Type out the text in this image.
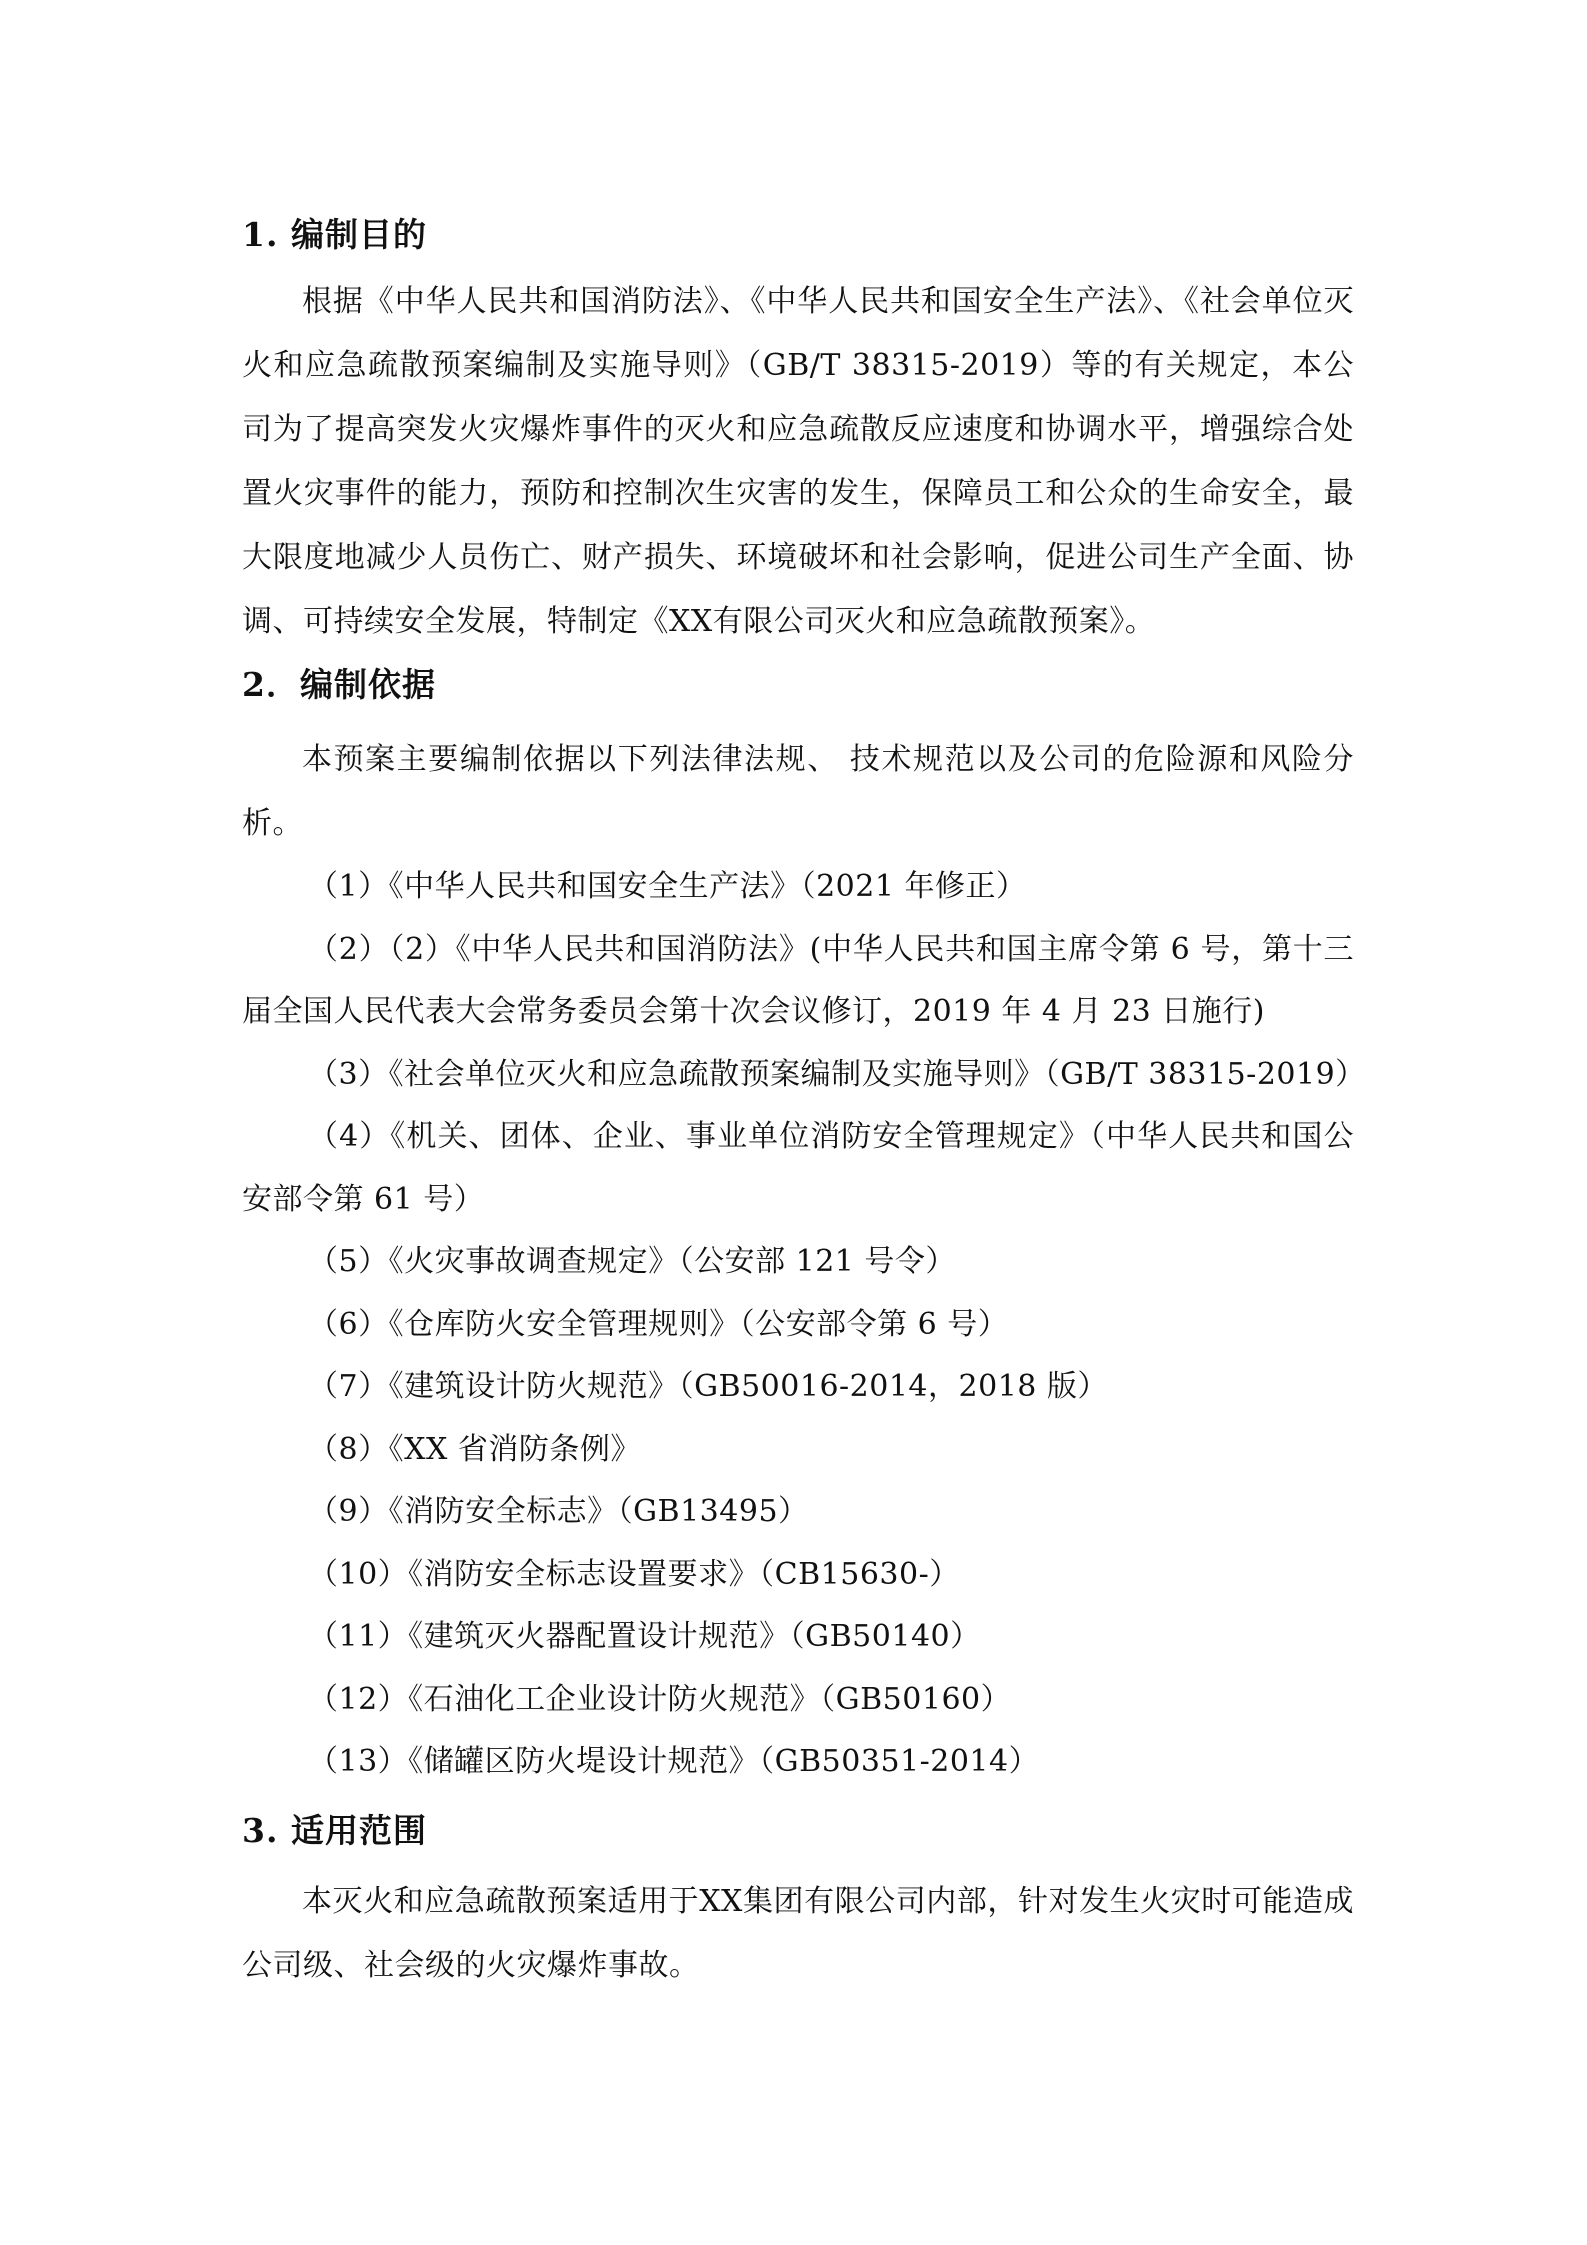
1. 编制目的

根据《中华人民共和国消防法》、《中华人民共和国安全生产法》、《社会单位灭火和应急疏散预案编制及实施导则》（GB/T 38315-2019）等的有关规定，本公司为了提高突发火灾爆炸事件的灭火和应急疏散反应速度和协调水平，增强综合处置火灾事件的能力，预防和控制次生灾害的发生，保障员工和公众的生命安全，最大限度地减少人员伤亡、财产损失、环境破坏和社会影响，促进公司生产全面、协调、可持续安全发展，特制定《XX有限公司灭火和应急疏散预案》。

2．编制依据

本预案主要编制依据以下列法律法规、 技术规范以及公司的危险源和风险分析。

（1）《中华人民共和国安全生产法》（2021 年修正）
（2）（2）《中华人民共和国消防法》(中华人民共和国主席令第 6 号，第十三届全国人民代表大会常务委员会第十次会议修订，2019 年 4 月 23 日施行)
（3）《社会单位灭火和应急疏散预案编制及实施导则》（GB/T 38315-2019）
（4）《机关、团体、企业、事业单位消防安全管理规定》（中华人民共和国公安部令第 61 号）
（5）《火灾事故调查规定》（公安部 121 号令）
（6）《仓库防火安全管理规则》（公安部令第 6 号）
（7）《建筑设计防火规范》（GB50016-2014，2018 版）
（8）《XX 省消防条例》
（9）《消防安全标志》（GB13495）
（10）《消防安全标志设置要求》（CB15630-）
（11）《建筑灭火器配置设计规范》（GB50140）
（12）《石油化工企业设计防火规范》（GB50160）
（13）《储罐区防火堤设计规范》（GB50351-2014）
3. 适用范围

本灭火和应急疏散预案适用于XX集团有限公司内部，针对发生火灾时可能造成公司级、社会级的火灾爆炸事故。
